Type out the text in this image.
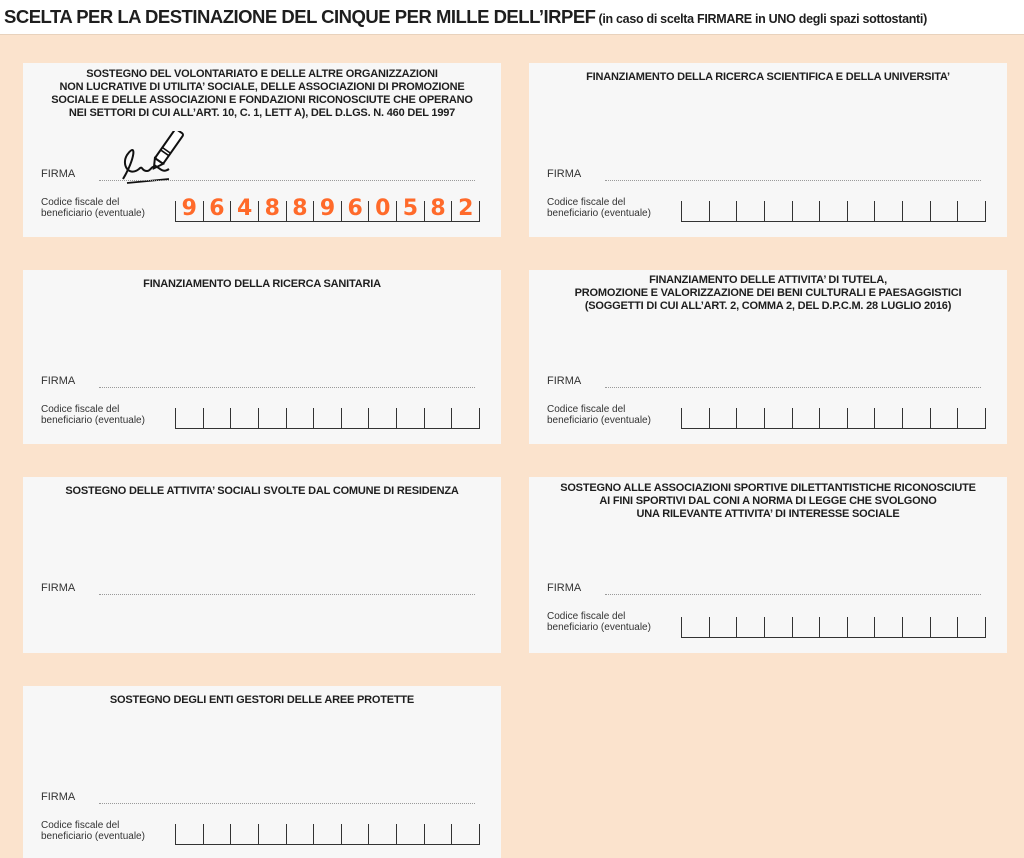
SCELTA PER LA DESTINAZIONE DEL CINQUE PER MILLE DELL’IRPEF (in caso di scelta FIRMARE in UNO degli spazi sottostanti)
SOSTEGNO DEL VOLONTARIATO E DELLE ALTRE ORGANIZZAZIONI
NON LUCRATIVE DI UTILITA’ SOCIALE, DELLE ASSOCIAZIONI DI PROMOZIONE
SOCIALE E DELLE ASSOCIAZIONI E FONDAZIONI RICONOSCIUTE CHE OPERANO
NEI SETTORI DI CUI ALL’ART. 10, C. 1, LETT A), DEL D.LGS. N. 460 DEL 1997
FIRMA
Codice fiscale del
beneficiario (eventuale)	9 6 4 8 8 9 6 0 5 8 2
FINANZIAMENTO DELLA RICERCA SCIENTIFICA E DELLA UNIVERSITA’
FIRMA
Codice fiscale del
beneficiario (eventuale)
FINANZIAMENTO DELLA RICERCA SANITARIA
FIRMA
Codice fiscale del
beneficiario (eventuale)
FINANZIAMENTO DELLE ATTIVITA’ DI TUTELA,
PROMOZIONE E VALORIZZAZIONE DEI BENI CULTURALI E PAESAGGISTICI
(SOGGETTI DI CUI ALL’ART. 2, COMMA 2, DEL D.P.C.M. 28 LUGLIO 2016)
FIRMA
Codice fiscale del
beneficiario (eventuale)
SOSTEGNO DELLE ATTIVITA’ SOCIALI SVOLTE DAL COMUNE DI RESIDENZA
FIRMA
SOSTEGNO ALLE ASSOCIAZIONI SPORTIVE DILETTANTISTICHE RICONOSCIUTE
AI FINI SPORTIVI DAL CONI A NORMA DI LEGGE CHE SVOLGONO
UNA RILEVANTE ATTIVITA’ DI INTERESSE SOCIALE
FIRMA
Codice fiscale del
beneficiario (eventuale)
SOSTEGNO DEGLI ENTI GESTORI DELLE AREE PROTETTE
FIRMA
Codice fiscale del
beneficiario (eventuale)
